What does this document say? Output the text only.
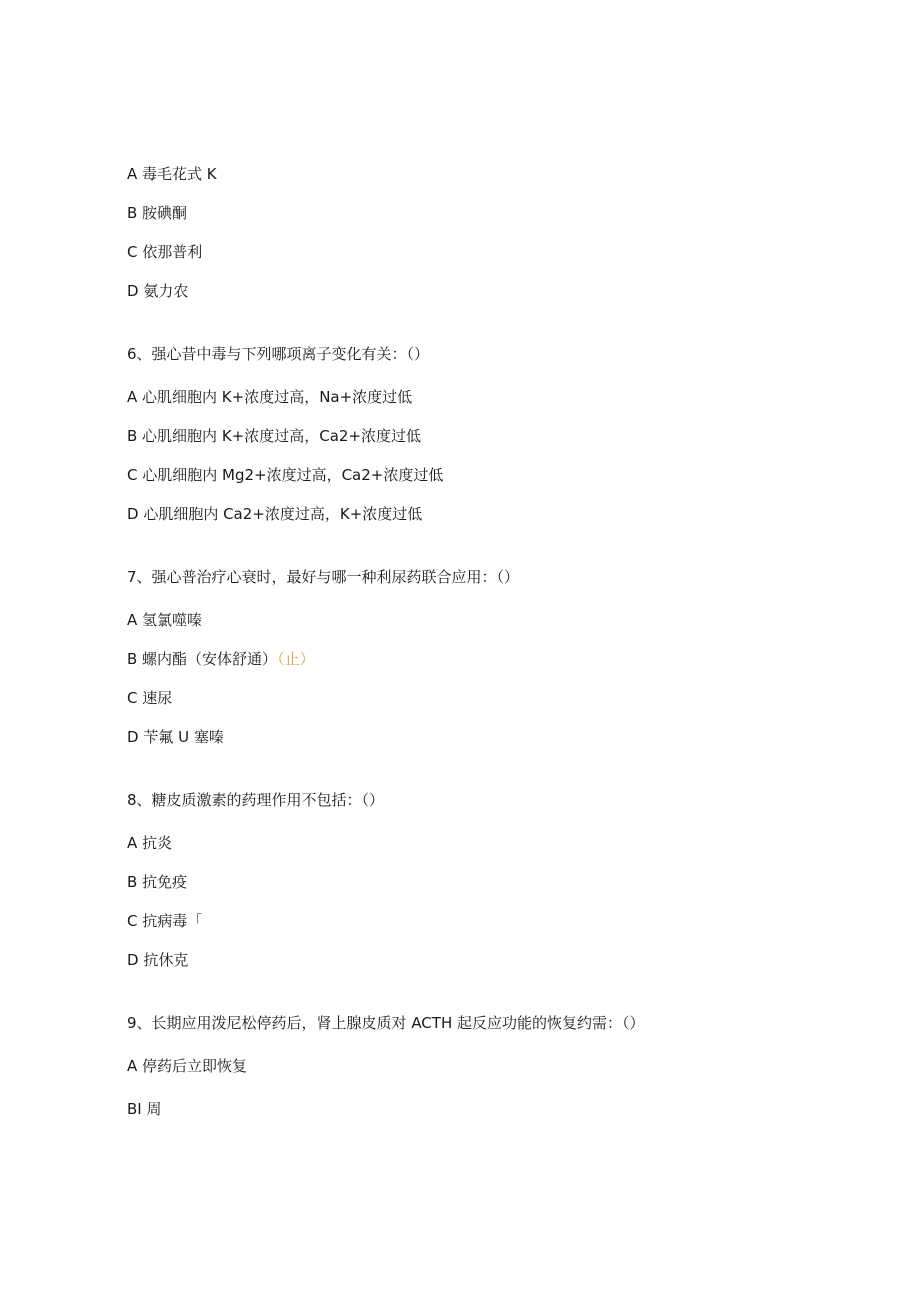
A 毒毛花式 K
B 胺碘酮
C 依那普利
D 氨力农
6、强心昔中毒与下列哪项离子变化有关：（）
A 心肌细胞内 K+浓度过高，Na+浓度过低
B 心肌细胞内 K+浓度过高，Ca2+浓度过低
C 心肌细胞内 Mg2+浓度过高，Ca2+浓度过低
D 心肌细胞内 Ca2+浓度过高，K+浓度过低
7、强心普治疗心衰时，最好与哪一种利尿药联合应用：（）
A 氢氯噬嗪
B 螺内酯（安体舒通）（止）
C 速尿
D 苄氟 U 塞嗪
8、糖皮质激素的药理作用不包括：（）
A 抗炎
B 抗免疫
C 抗病毒「
D 抗休克
9、长期应用泼尼松停药后，肾上腺皮质对 ACTH 起反应功能的恢复约需：（）
A 停药后立即恢复
BI 周
